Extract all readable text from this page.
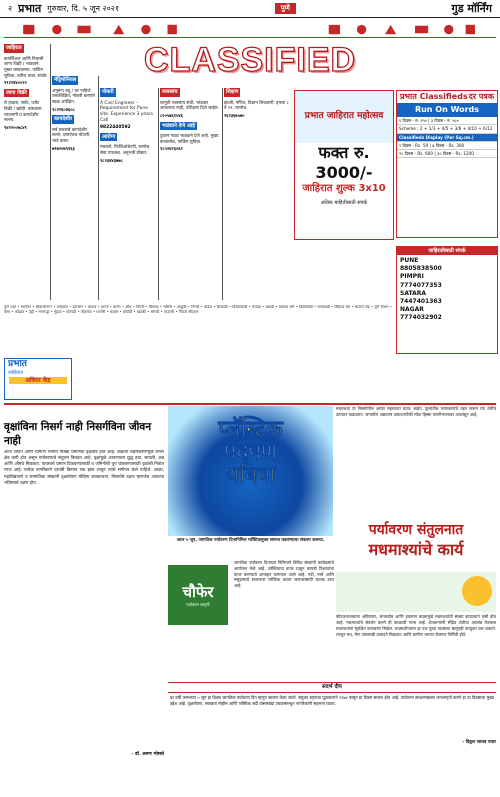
२ प्रभात गुरुवार, दि. ५ जून २०२१	पुणे	गुड मॉर्निंग
CLASSIFIED

जाहिरात

कमर्शिअल आणि निवासी जागा विक्री / भाड्याने. मुख्य रस्त्यालगत, पार्किंग सुविधा, त्वरित ताबा. संपर्क

९९२२४४००२२

जागा विक्री

रो हाऊस, फ्लॅट, प्लॉट विक्री / खरेदी. बांधकाम परवानगी व कायदेशीर सल्ला.

९४२२००७८४९

मॅट्रिमोनियल

अनुरूप वधू / वर पाहिजे. उच्चशिक्षित, नोकरी करणारे स्थळ अपेक्षित.

९८२२६०४६०८

कायदेशीर

सर्व प्रकारचे कायदेशीर सल्ले, दस्तऐवज नोंदणी, भाडे करार.

७९७२०७९१६३

नोकरी

A Civil Engineer - Requirement for Pune site. Experience 3 years. Call

9822440592

आरोग्य

पंचकर्म, फिजिओथेरपी, घरपोच सेवा उपलब्ध. अनुभवी डॉक्टर.

९८२३४४३७७८

व्यवसाय

घरगुती व्यवसाय संधी, भांडवल आवश्यक नाही, प्रशिक्षण दिले जाईल.

८२०५७६१५४६

भाड्याने देणे आहे

दुकान गाळा भाड्याने देणे आहे. मुख्य बाजारपेठ, पार्किंग सुविधा.

९८५२४२६०६९

शिक्षण

इंग्रजी, गणित, विज्ञान शिकवणी. इयत्ता ८ ते १२, घरपोच.

९६२३६७५७०	प्रभात जाहिरात महोत्सव
फक्त रु. 3000/-
जाहिरात शुल्क 3x10
अधिक माहितीसाठी संपर्क
प्रभात Classifieds दर पत्रक
Run On Words
१ दिवस - रु. २५० | ३ दिवस - रु. ५००
Scheme : 2 + 1/3 + 4/5 + 3/6 + 4/10 + 6/12
Classifieds Display (Per Sq.cm.)
१ दिवस - Rs. 50 | ७ दिवस - Rs. 300
१५ दिवस - Rs. 600 | ३० दिवस - Rs. 1200
जाहिरातीसाठी संपर्क
PUNE
8805838500
PIMPRI
7774077353
SATARA
7447401363
NAGAR
7774032902
पुणे शहर • स्वारगेट • शिवाजीनगर • कोथरूड • हडपसर • कात्रज • वारजे • बाणेर • औंध • पिंपरी • चिंचवड • भोसरी • आकुर्डी • निगडी • वाकड • हिंजवडी • विश्रांतवाडी • येरवडा • खराडी • वडगाव शेरी • बिबवेवाडी • धनकवडी • सिंहगड रोड • सातारा रोड • पुणे स्टेशन • कॅम्प • कोंढवा • उंड्री • मगरपट्टा • मुंढवा • घोरपडी • लोहगाव • धानोरी • कळस • बोपोडी • खडकी • सांगवी • रहाटणी • पिंपळे सौदागर
प्रभात
जाहिरात
अविरत केंद्र
वृक्षांविना निसर्ग नाही निसर्गविना जीवन नाही
आज जगात आणि ग्रामीण भागात मोठ्या प्रमाणात वृक्षतोड होत आहे. वाढत्या शहरीकरणामुळे जंगल क्षेत्र कमी होत असून पर्यावरणाचे संतुलन बिघडत आहे. वृक्षांमुळे आपल्याला शुद्ध हवा, सावली, अन्न आणि औषधे मिळतात. पावसाचे प्रमाण टिकवण्यासाठी व जमिनीची धूप थांबवण्यासाठी वृक्षांची नितांत गरज आहे. प्रत्येक नागरिकाने दरवर्षी किमान एक झाड लावून त्याचे संगोपन केले पाहिजे. शाळा, महाविद्यालये व सामाजिक संस्थांनी वृक्षारोपण मोहिमा राबवाव्यात. निसर्गाचे रक्षण म्हणजेच आपल्या भविष्याचे रक्षण होय.
- डॉ. अरुण भोसले
प्लॅस्टिक
प्रदूषण
थांबवा
आज ५ जून, जागतिक पर्यावरण दिनानिमित्त प्लॅस्टिकमुक्त समाज घडवण्याचा संकल्प करूया.
चौफेर
पर्यावरण जागृती
जागतिक पर्यावरण दिनाच्या निमित्ताने विविध संस्थांनी कार्यक्रमांचे आयोजन केले आहे. प्लॅस्टिकचा वापर टाळून कापडी पिशव्यांचा वापर करण्याचे आवाहन करण्यात आले आहे. नदी, नाले आणि समुद्रामध्ये साचणारा प्लॅस्टिक कचरा जलचरांसाठी घातक ठरत आहे.
संदर्भ दीप
दर वर्षी जगभरात ५ जून हा दिवस जागतिक पर्यावरण दिन म्हणून साजरा केला जातो. संयुक्त राष्ट्रांच्या पुढाकाराने १९७४ पासून हा दिवस साजरा होत आहे. पर्यावरण संरक्षणाबाबत जनजागृती करणे हा या दिवसाचा मुख्य उद्देश आहे. वृक्षारोपण, स्वच्छता मोहीम आणि प्लॅस्टिक बंदी यांसारख्या उपक्रमांमधून नागरिकांनी सहभाग घ्यावा.
मधमाश्या या निसर्गातील अत्यंत महत्त्वाचा घटक आहेत. फुलांतील परागकणांचे वहन करून त्या शेतीचे उत्पादन वाढवतात. जगातील अन्नधान्य उत्पादनापैकी मोठा हिस्सा परागीभवनावर अवलंबून आहे.
पर्यावरण संतुलनात
मधमाश्यांचे कार्य
कीटकनाशकांचा अतिवापर, जंगलतोड आणि हवामान बदलामुळे मधमाश्यांची संख्या झपाट्याने कमी होत आहे. मधमाश्यांचे संवर्धन करणे ही काळाची गरज आहे. शेतकऱ्यांनी सेंद्रिय शेतीचा अवलंब केल्यास मधमाश्यांना सुरक्षित वातावरण मिळेल. मधमाशीपालन हा एक पूरक व्यवसाय म्हणूनही उपयुक्त ठरू शकतो. त्यातून मध, मेण यांसारखी उत्पादने मिळतात आणि ग्रामीण भागात रोजगार निर्मिती होते.
- विठ्ठल जाधव पवार
